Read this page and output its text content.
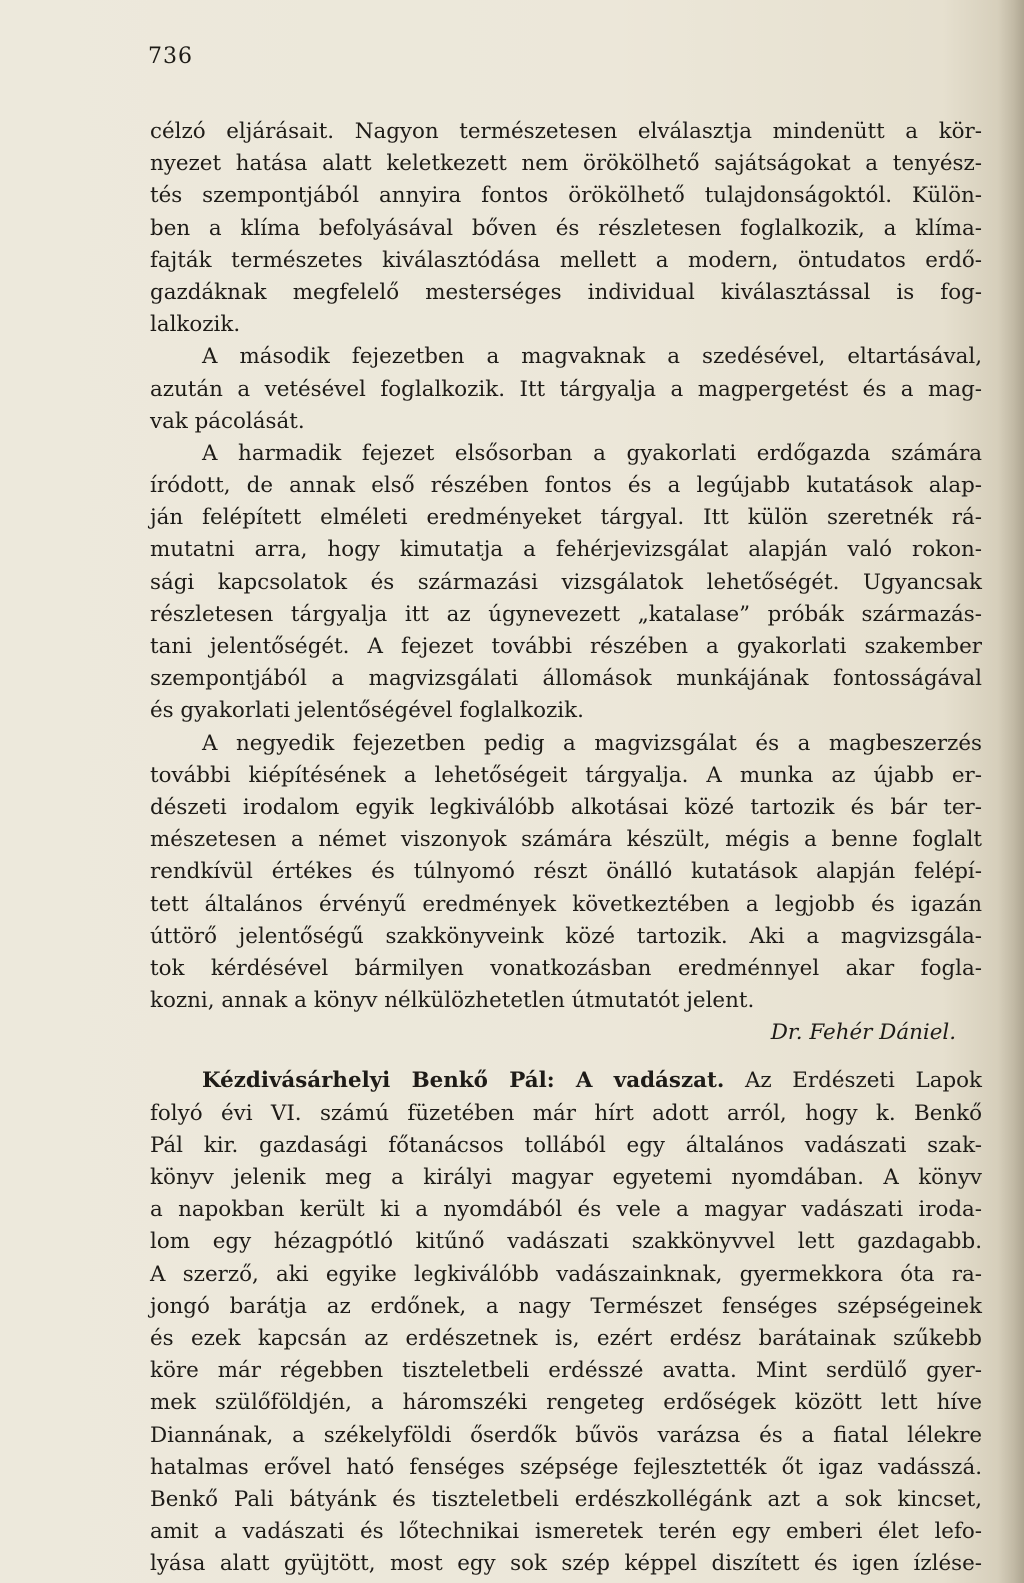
736
célzó eljárásait. Nagyon természetesen elválasztja mindenütt a kör-
nyezet hatása alatt keletkezett nem örökölhető sajátságokat a tenyész-
tés szempontjából annyira fontos örökölhető tulajdonságoktól. Külön-
ben a klíma befolyásával bőven és részletesen foglalkozik, a klíma-
fajták természetes kiválasztódása mellett a modern, öntudatos erdő-
gazdáknak megfelelő mesterséges individual kiválasztással is fog-
lalkozik.
A második fejezetben a magvaknak a szedésével, eltartásával,
azután a vetésével foglalkozik. Itt tárgyalja a magpergetést és a mag-
vak pácolását.
A harmadik fejezet elsősorban a gyakorlati erdőgazda számára
íródott, de annak első részében fontos és a legújabb kutatások alap-
ján felépített elméleti eredményeket tárgyal. Itt külön szeretnék rá-
mutatni arra, hogy kimutatja a fehérjevizsgálat alapján való rokon-
sági kapcsolatok és származási vizsgálatok lehetőségét. Ugyancsak
részletesen tárgyalja itt az úgynevezett „katalase” próbák származás-
tani jelentőségét. A fejezet további részében a gyakorlati szakember
szempontjából a magvizsgálati állomások munkájának fontosságával
és gyakorlati jelentőségével foglalkozik.
A negyedik fejezetben pedig a magvizsgálat és a magbeszerzés
további kiépítésének a lehetőségeit tárgyalja. A munka az újabb er-
dészeti irodalom egyik legkiválóbb alkotásai közé tartozik és bár ter-
mészetesen a német viszonyok számára készült, mégis a benne foglalt
rendkívül értékes és túlnyomó részt önálló kutatások alapján felépí-
tett általános érvényű eredmények következtében a legjobb és igazán
úttörő jelentőségű szakkönyveink közé tartozik. Aki a magvizsgála-
tok kérdésével bármilyen vonatkozásban eredménnyel akar fogla-
kozni, annak a könyv nélkülözhetetlen útmutatót jelent.
Dr. Fehér Dániel.
Kézdivásárhelyi Benkő Pál: A vadászat. Az Erdészeti Lapok
folyó évi VI. számú füzetében már hírt adott arról, hogy k. Benkő
Pál kir. gazdasági főtanácsos tollából egy általános vadászati szak-
könyv jelenik meg a királyi magyar egyetemi nyomdában. A könyv
a napokban került ki a nyomdából és vele a magyar vadászati iroda-
lom egy hézagpótló kitűnő vadászati szakkönyvvel lett gazdagabb.
A szerző, aki egyike legkiválóbb vadászainknak, gyermekkora óta ra-
jongó barátja az erdőnek, a nagy Természet fenséges szépségeinek
és ezek kapcsán az erdészetnek is, ezért erdész barátainak szűkebb
köre már régebben tiszteletbeli erdésszé avatta. Mint serdülő gyer-
mek szülőföldjén, a háromszéki rengeteg erdőségek között lett híve
Diannának, a székelyföldi őserdők bűvös varázsa és a fiatal lélekre
hatalmas erővel ható fenséges szépsége fejlesztették őt igaz vadásszá.
Benkő Pali bátyánk és tiszteletbeli erdészkollégánk azt a sok kincset,
amit a vadászati és lőtechnikai ismeretek terén egy emberi élet lefo-
lyása alatt gyüjtött, most egy sok szép képpel diszített és igen ízlése-
